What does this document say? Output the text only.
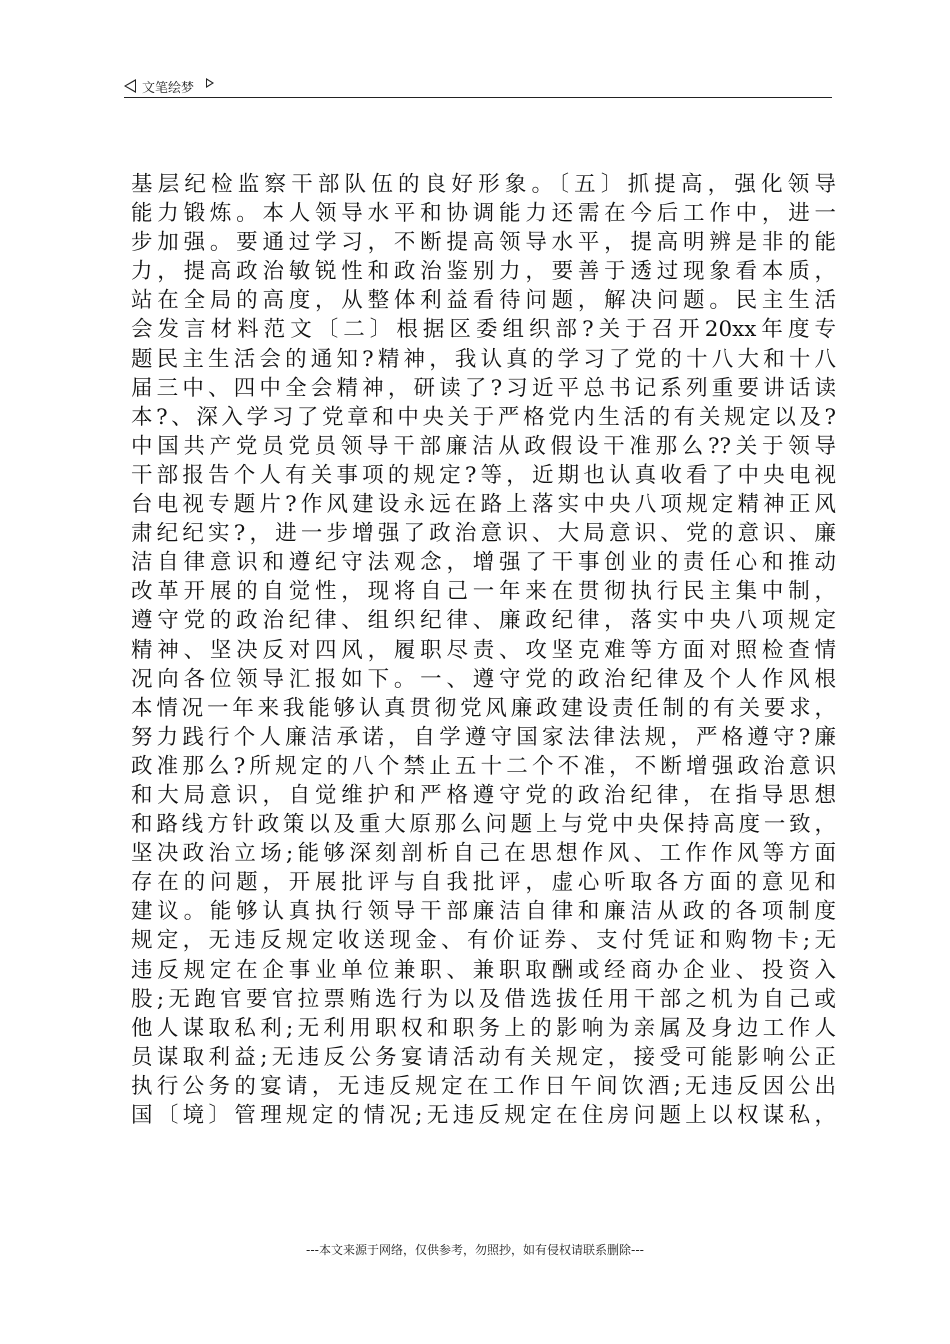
文笔绘梦
基层纪检监察干部队伍的良好形象。〔五〕抓提高，强化领导
能力锻炼。本人领导水平和协调能力还需在今后工作中，进一
步加强。要通过学习，不断提高领导水平，提高明辨是非的能
力，提高政治敏锐性和政治鉴别力，要善于透过现象看本质，
站在全局的高度，从整体利益看待问题，解决问题。民主生活
会发言材料范文〔二〕根据区委组织部?关于召开20xx年度专
题民主生活会的通知?精神，我认真的学习了党的十八大和十八
届三中、四中全会精神，研读了?习近平总书记系列重要讲话读
本?、深入学习了党章和中央关于严格党内生活的有关规定以及?
中国共产党员党员领导干部廉洁从政假设干准那么??关于领导
干部报告个人有关事项的规定?等，近期也认真收看了中央电视
台电视专题片?作风建设永远在路上落实中央八项规定精神正风
肃纪纪实?，进一步增强了政治意识、大局意识、党的意识、廉
洁自律意识和遵纪守法观念，增强了干事创业的责任心和推动
改革开展的自觉性，现将自己一年来在贯彻执行民主集中制，
遵守党的政治纪律、组织纪律、廉政纪律，落实中央八项规定
精神、坚决反对四风，履职尽责、攻坚克难等方面对照检查情
况向各位领导汇报如下。一、遵守党的政治纪律及个人作风根
本情况一年来我能够认真贯彻党风廉政建设责任制的有关要求，
努力践行个人廉洁承诺，自学遵守国家法律法规，严格遵守?廉
政准那么?所规定的八个禁止五十二个不准，不断增强政治意识
和大局意识，自觉维护和严格遵守党的政治纪律，在指导思想
和路线方针政策以及重大原那么问题上与党中央保持高度一致，
坚决政治立场;能够深刻剖析自己在思想作风、工作作风等方面
存在的问题，开展批评与自我批评，虚心听取各方面的意见和
建议。能够认真执行领导干部廉洁自律和廉洁从政的各项制度
规定，无违反规定收送现金、有价证券、支付凭证和购物卡;无
违反规定在企事业单位兼职、兼职取酬或经商办企业、投资入
股;无跑官要官拉票贿选行为以及借选拔任用干部之机为自己或
他人谋取私利;无利用职权和职务上的影响为亲属及身边工作人
员谋取利益;无违反公务宴请活动有关规定，接受可能影响公正
执行公务的宴请，无违反规定在工作日午间饮酒;无违反因公出
国〔境〕管理规定的情况;无违反规定在住房问题上以权谋私，
---本文来源于网络，仅供参考，勿照抄，如有侵权请联系删除---
